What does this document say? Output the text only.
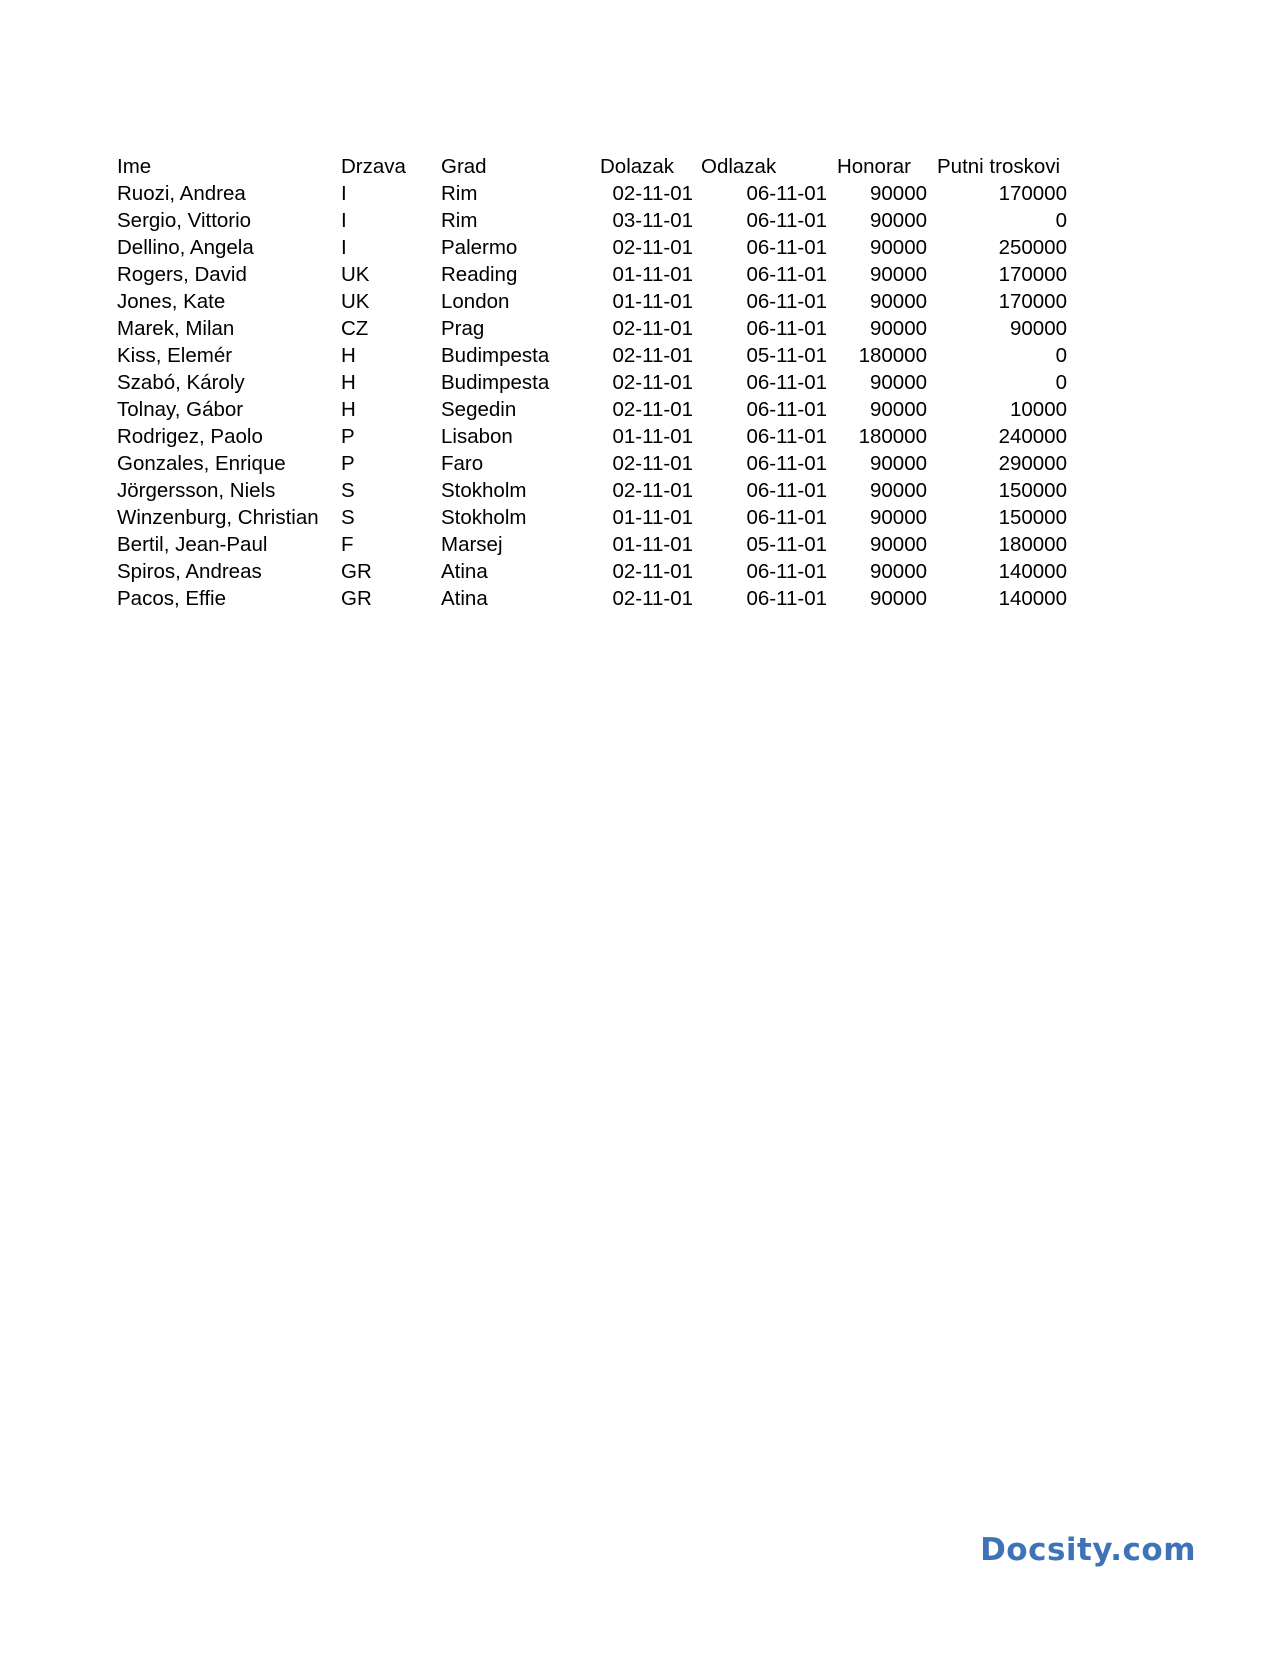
Ime	Drzava	Grad	Dolazak	Odlazak	Honorar	Putni troskovi
Ruozi, Andrea	I	Rim	02-11-01	06-11-01	90000	170000
Sergio, Vittorio	I	Rim	03-11-01	06-11-01	90000	0
Dellino, Angela	I	Palermo	02-11-01	06-11-01	90000	250000
Rogers, David	UK	Reading	01-11-01	06-11-01	90000	170000
Jones, Kate	UK	London	01-11-01	06-11-01	90000	170000
Marek, Milan	CZ	Prag	02-11-01	06-11-01	90000	90000
Kiss, Elemér	H	Budimpesta	02-11-01	05-11-01	180000	0
Szabó, Károly	H	Budimpesta	02-11-01	06-11-01	90000	0
Tolnay, Gábor	H	Segedin	02-11-01	06-11-01	90000	10000
Rodrigez, Paolo	P	Lisabon	01-11-01	06-11-01	180000	240000
Gonzales, Enrique	P	Faro	02-11-01	06-11-01	90000	290000
Jörgersson, Niels	S	Stokholm	02-11-01	06-11-01	90000	150000
Winzenburg, Christian	S	Stokholm	01-11-01	06-11-01	90000	150000
Bertil, Jean-Paul	F	Marsej	01-11-01	05-11-01	90000	180000
Spiros, Andreas	GR	Atina	02-11-01	06-11-01	90000	140000
Pacos, Effie	GR	Atina	02-11-01	06-11-01	90000	140000
Docsity.com
